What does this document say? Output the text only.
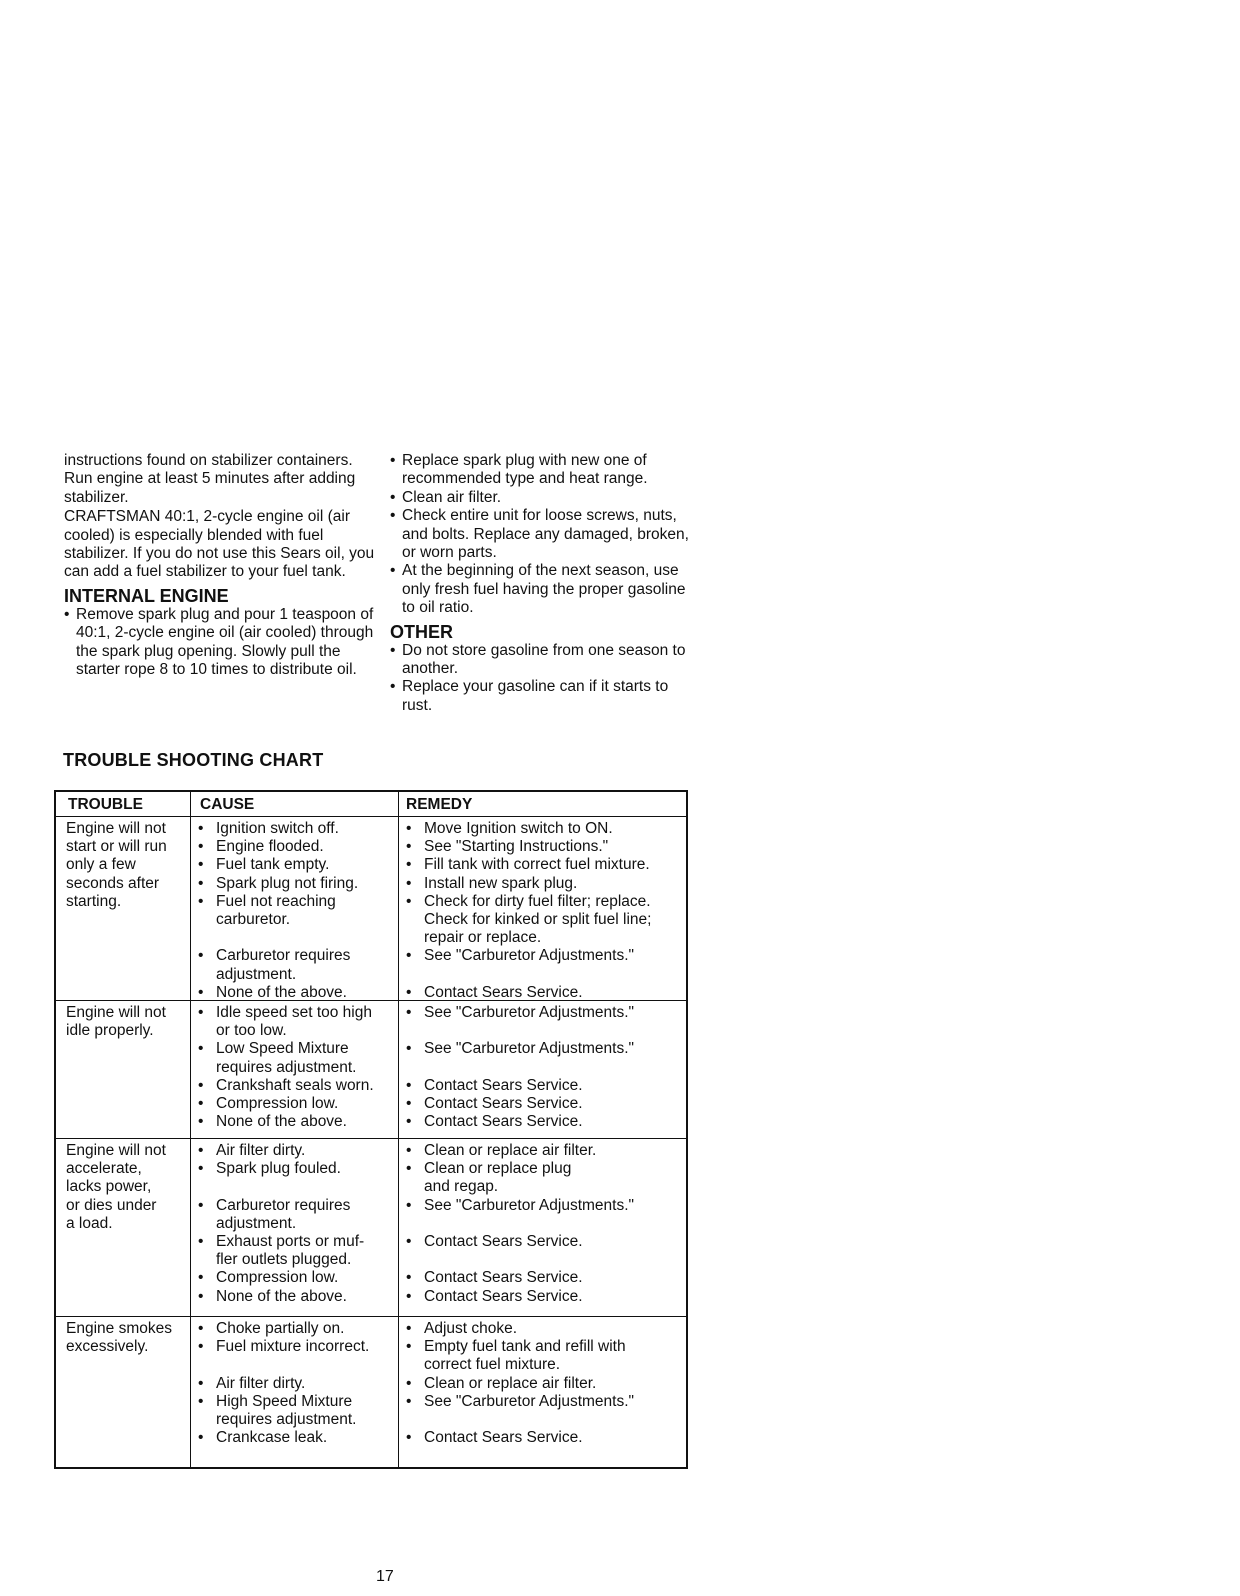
instructions found on stabilizer containers. Run engine at least 5 minutes after adding stabilizer.

CRAFTSMAN 40:1, 2-cycle engine oil (air cooled) is especially blended with fuel stabilizer. If you do not use this Sears oil, you can add a fuel stabilizer to your fuel tank.

INTERNAL ENGINE
• Remove spark plug and pour 1 teaspoon of 40:1, 2-cycle engine oil (air cooled) through the spark plug opening. Slowly pull the starter rope 8 to 10 times to distribute oil.
• Replace spark plug with new one of recommended type and heat range.
• Clean air filter.
• Check entire unit for loose screws, nuts, and bolts. Replace any damaged, broken, or worn parts.
• At the beginning of the next season, use only fresh fuel having the proper gasoline to oil ratio.
OTHER
• Do not store gasoline from one season to another.
• Replace your gasoline can if it starts to rust.
TROUBLE SHOOTING CHART
TROUBLE	CAUSE	REMEDY
Engine will not
start or will run
only a few
seconds after
starting.
• Ignition switch off.
• Engine flooded.
• Fuel tank empty.
• Spark plug not firing.
• Fuel not reaching
carburetor.
• Carburetor requires
adjustment.
• None of the above.
• Move Ignition switch to ON.
• See "Starting Instructions."
• Fill tank with correct fuel mixture.
• Install new spark plug.
• Check for dirty fuel filter; replace.
Check for kinked or split fuel line;
repair or replace.
• See "Carburetor Adjustments."
• Contact Sears Service.
Engine will not
idle properly.
• Idle speed set too high
or too low.
• Low Speed Mixture
requires adjustment.
• Crankshaft seals worn.
• Compression low.
• None of the above.
• See "Carburetor Adjustments."
• See "Carburetor Adjustments."
• Contact Sears Service.
• Contact Sears Service.
• Contact Sears Service.
Engine will not
accelerate,
lacks power,
or dies under
a load.
• Air filter dirty.
• Spark plug fouled.
• Carburetor requires
adjustment.
• Exhaust ports or muf-
fler outlets plugged.
• Compression low.
• None of the above.
• Clean or replace air filter.
• Clean or replace plug
and regap.
• See "Carburetor Adjustments."
• Contact Sears Service.
• Contact Sears Service.
• Contact Sears Service.
Engine smokes
excessively.
• Choke partially on.
• Fuel mixture incorrect.
• Air filter dirty.
• High Speed Mixture
requires adjustment.
• Crankcase leak.
• Adjust choke.
• Empty fuel tank and refill with
correct fuel mixture.
• Clean or replace air filter.
• See "Carburetor Adjustments."
• Contact Sears Service.
17
